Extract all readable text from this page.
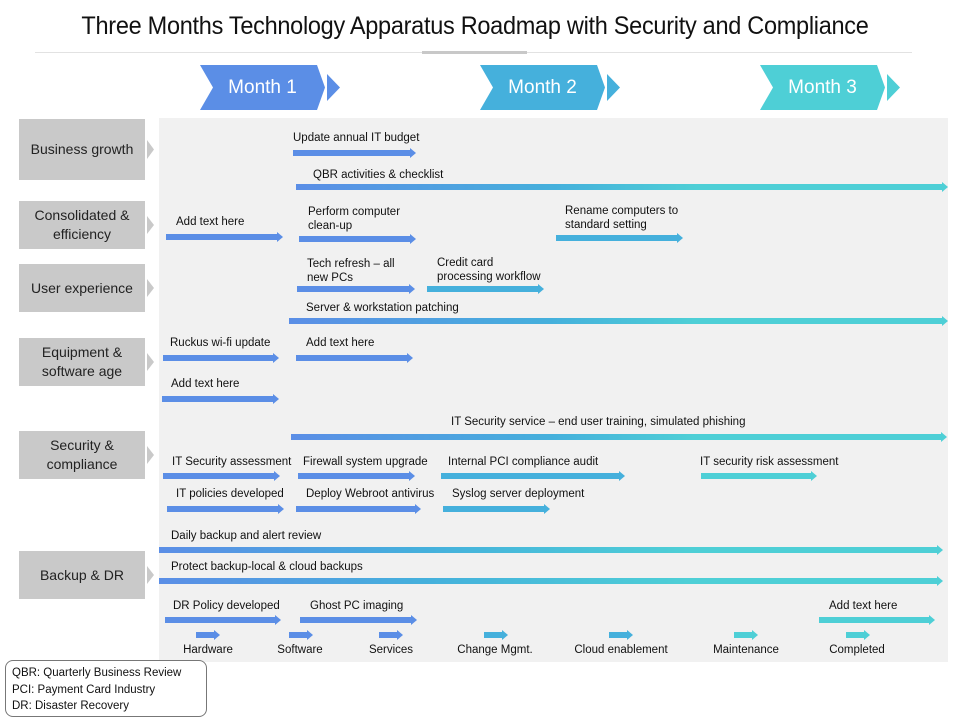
Three Months Technology Apparatus Roadmap with Security and Compliance
Month 1	Month 2	Month 3
Business growth
Consolidated & efficiency
User experience
Equipment & software age
Security & compliance
Backup & DR
Update annual IT budget
QBR activities & checklist
Add text here
Perform computer clean-up
Rename computers to standard setting
Tech refresh – all new PCs
Credit card processing workflow
Server & workstation patching
Ruckus wi-fi update	Add text here
Add text here
IT Security service – end user training, simulated phishing
IT Security assessment Firewall system upgrade Internal PCI compliance audit	IT security risk assessment
IT policies developed Deploy Webroot antivirus Syslog server deployment
Daily backup and alert review
Protect backup-local & cloud backups
DR Policy developed	Ghost PC imaging	Add text here
Hardware	Software	Services	Change Mgmt.	Cloud enablement	Maintenance	Completed
QBR: Quarterly Business Review
PCI: Payment Card Industry
DR: Disaster Recovery
